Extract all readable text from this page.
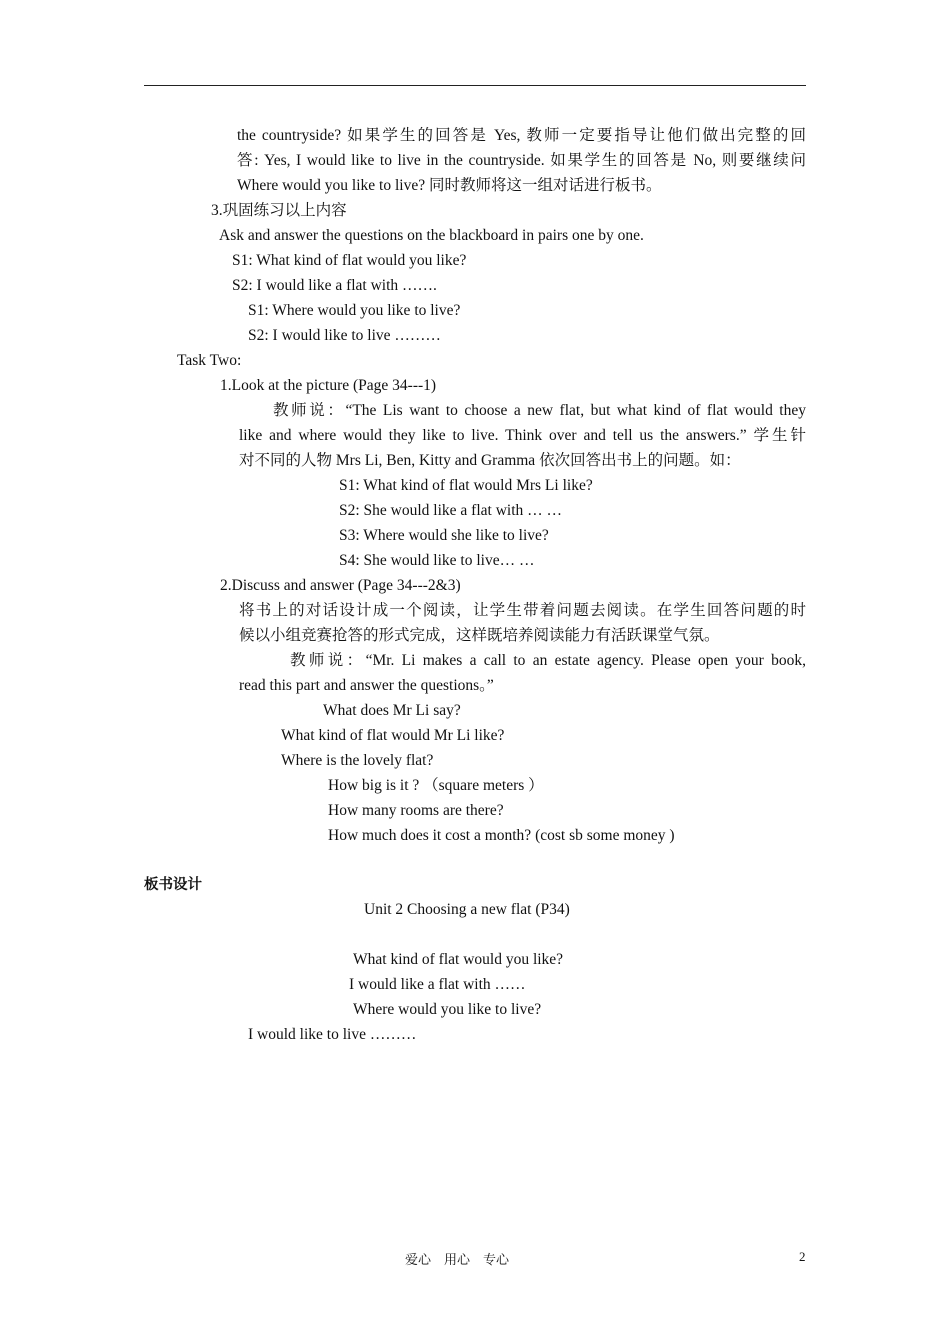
the countryside? 如果学生的回答是 Yes, 教师一定要指导让他们做出完整的回
答: Yes, I would like to live in the countryside. 如果学生的回答是 No, 则要继续问
Where would you like to live? 同时教师将这一组对话进行板书。
3.巩固练习以上内容
Ask and answer the questions on the blackboard in pairs one by one.
S1: What kind of flat would you like?
S2: I would like a flat with …….
S1: Where would you like to live?
S2: I would like to live ………
Task Two:
1.Look at the picture (Page 34---1)
教师说：“The Lis want to choose a new flat, but what kind of flat would they
like and where would they like to live. Think over and tell us the answers.” 学生针
对不同的人物 Mrs Li, Ben, Kitty and Gramma 依次回答出书上的问题。如：
S1: What kind of flat would Mrs Li like?
S2: She would like a flat with … …
S3: Where would she like to live?
S4: She would like to live… …
2.Discuss and answer (Page 34---2&3)
将书上的对话设计成一个阅读，让学生带着问题去阅读。在学生回答问题的时
候以小组竞赛抢答的形式完成，这样既培养阅读能力有活跃课堂气氛。
教师说：“Mr. Li makes a call to an estate agency. Please open your book,
read this part and answer the questions。”
What does Mr Li say?
What kind of flat would Mr Li like?
Where is the lovely flat?
How big is it ? （square meters ）
How many rooms are there?
How much does it cost a month? (cost sb some money )
板书设计
Unit 2 Choosing a new flat (P34)
What kind of flat would you like?
I would like a flat with ……
Where would you like to live?
I would like to live ………
爱心　用心　专心	2
